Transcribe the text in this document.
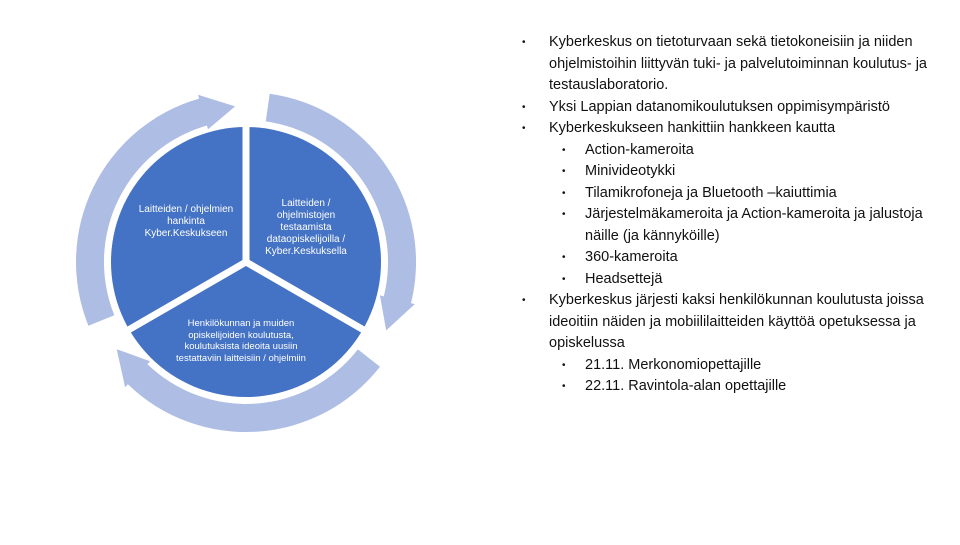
Laitteiden / ohjelmien hankinta Kyber.Keskukseen
Laitteiden / ohjelmistojen testaamista dataopiskelijoilla / Kyber.Keskuksella
Henkilökunnan ja muiden opiskelijoiden koulutusta, koulutuksista ideoita uusiin testattaviin laitteisiin / ohjelmiin
• Kyberkeskus on tietoturvaan sekä tietokoneisiin ja niiden ohjelmistoihin liittyvän tuki- ja palvelutoiminnan koulutus- ja testauslaboratorio.
• Yksi Lappian datanomikoulutuksen oppimisympäristö
• Kyberkeskukseen hankittiin hankkeen kautta
• Action-kameroita
• Minivideotykki
• Tilamikrofoneja ja Bluetooth –kaiuttimia
• Järjestelmäkameroita ja Action-kameroita ja jalustoja näille (ja kännyköille)
• 360-kameroita
• Headsettejä
• Kyberkeskus järjesti kaksi henkilökunnan koulutusta joissa ideoitiin näiden ja mobiililaitteiden käyttöä opetuksessa ja opiskelussa
• 21.11. Merkonomiopettajille
• 22.11. Ravintola-alan opettajille
